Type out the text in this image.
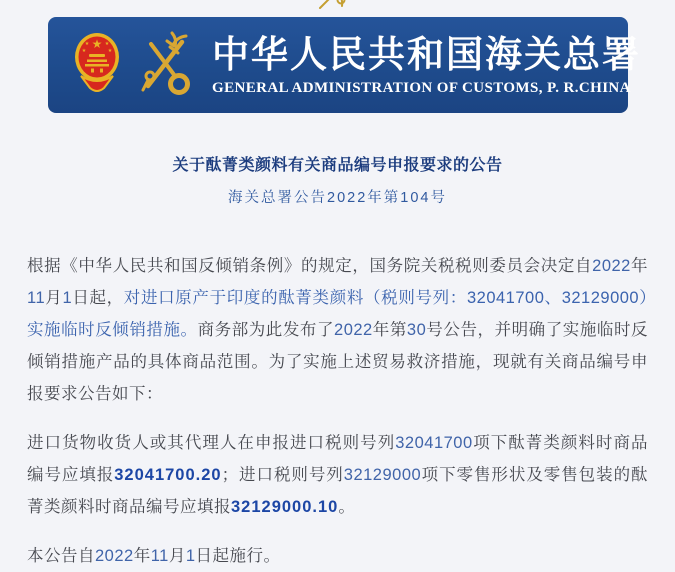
★
★	★
★	★	中华人民共和国海关总署
GENERAL ADMINISTRATION OF CUSTOMS, P. R.CHINA
关于酞菁类颜料有关商品编号申报要求的公告
海关总署公告2022年第104号

根据《中华人民共和国反倾销条例》的规定，国务院关税税则委员会决定自2022年11月1日起，对进口原产于印度的酞菁类颜料（税则号列：32041700、32129000）实施临时反倾销措施。商务部为此发布了2022年第30号公告，并明确了实施临时反倾销措施产品的具体商品范围。为了实施上述贸易救济措施，现就有关商品编号申报要求公告如下：

进口货物收货人或其代理人在申报进口税则号列32041700项下酞菁类颜料时商品编号应填报32041700.20；进口税则号列32129000项下零售形状及零售包装的酞菁类颜料时商品编号应填报32129000.10。

本公告自2022年11月1日起施行。
